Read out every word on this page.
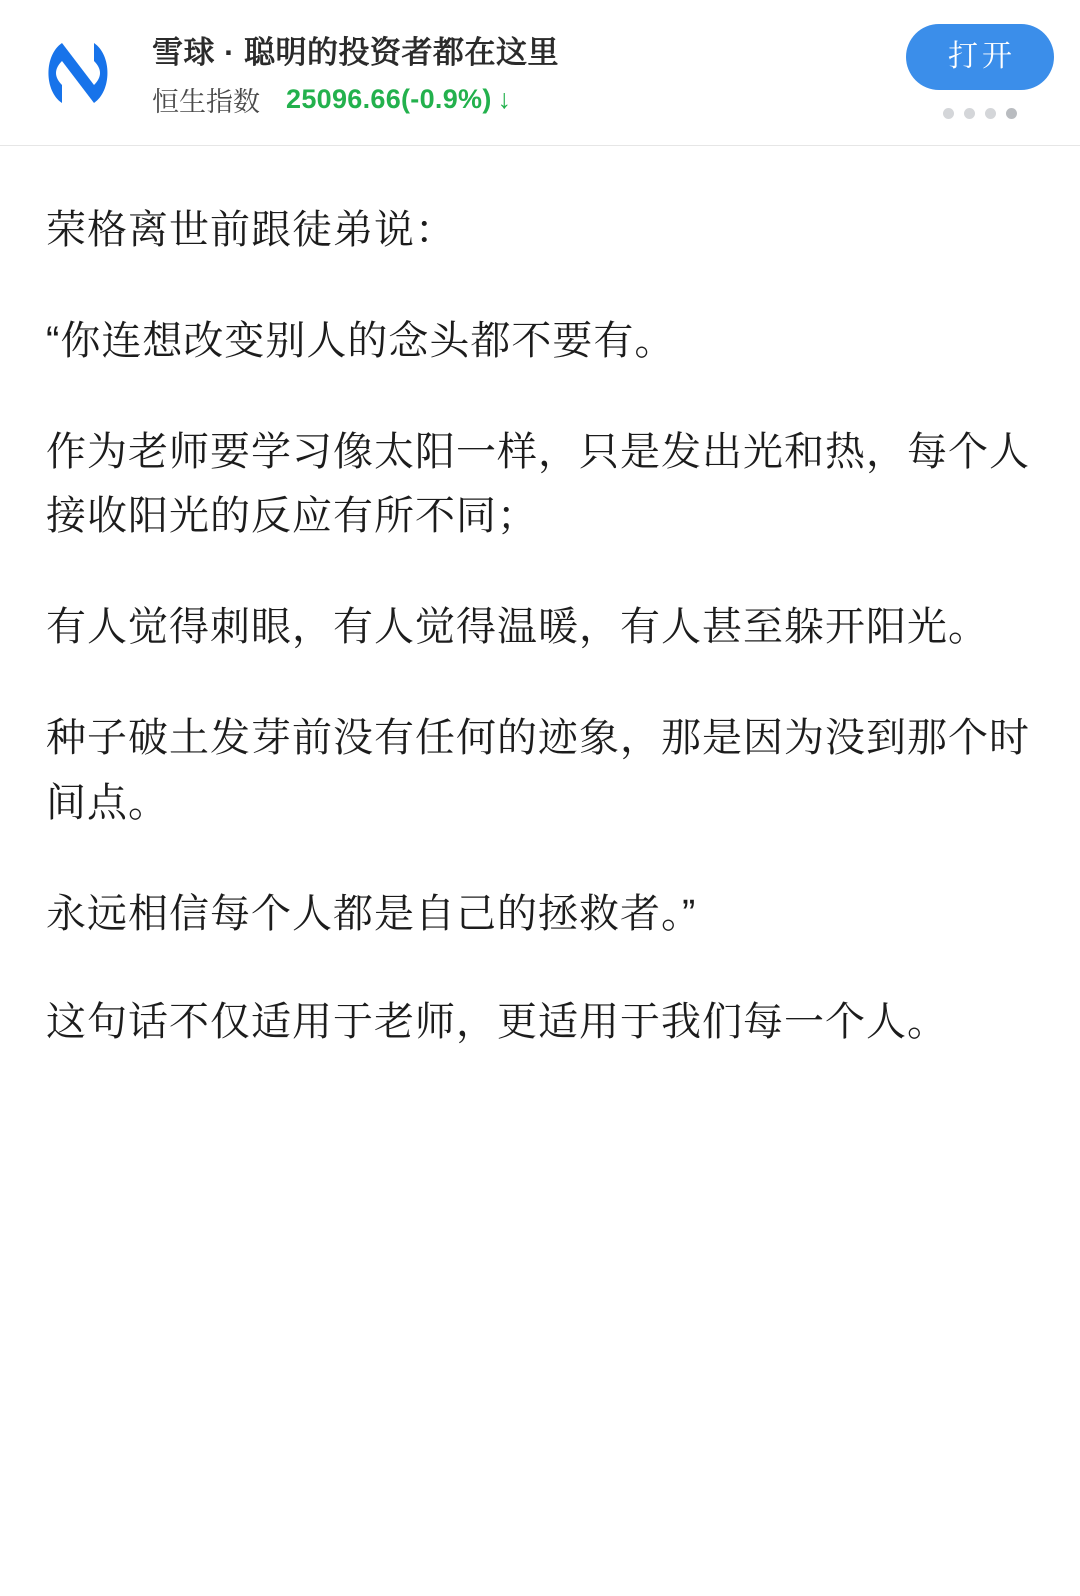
雪球 · 聪明的投资者都在这里
恒生指数 25096.66(-0.9%) ↓
打开

荣格离世前跟徒弟说：

“你连想改变别人的念头都不要有。

作为老师要学习像太阳一样，只是发出光和热，每个人接收阳光的反应有所不同；

有人觉得刺眼，有人觉得温暖，有人甚至躲开阳光。

种子破土发芽前没有任何的迹象，那是因为没到那个时间点。

永远相信每个人都是自己的拯救者。”

这句话不仅适用于老师，更适用于我们每一个人。
